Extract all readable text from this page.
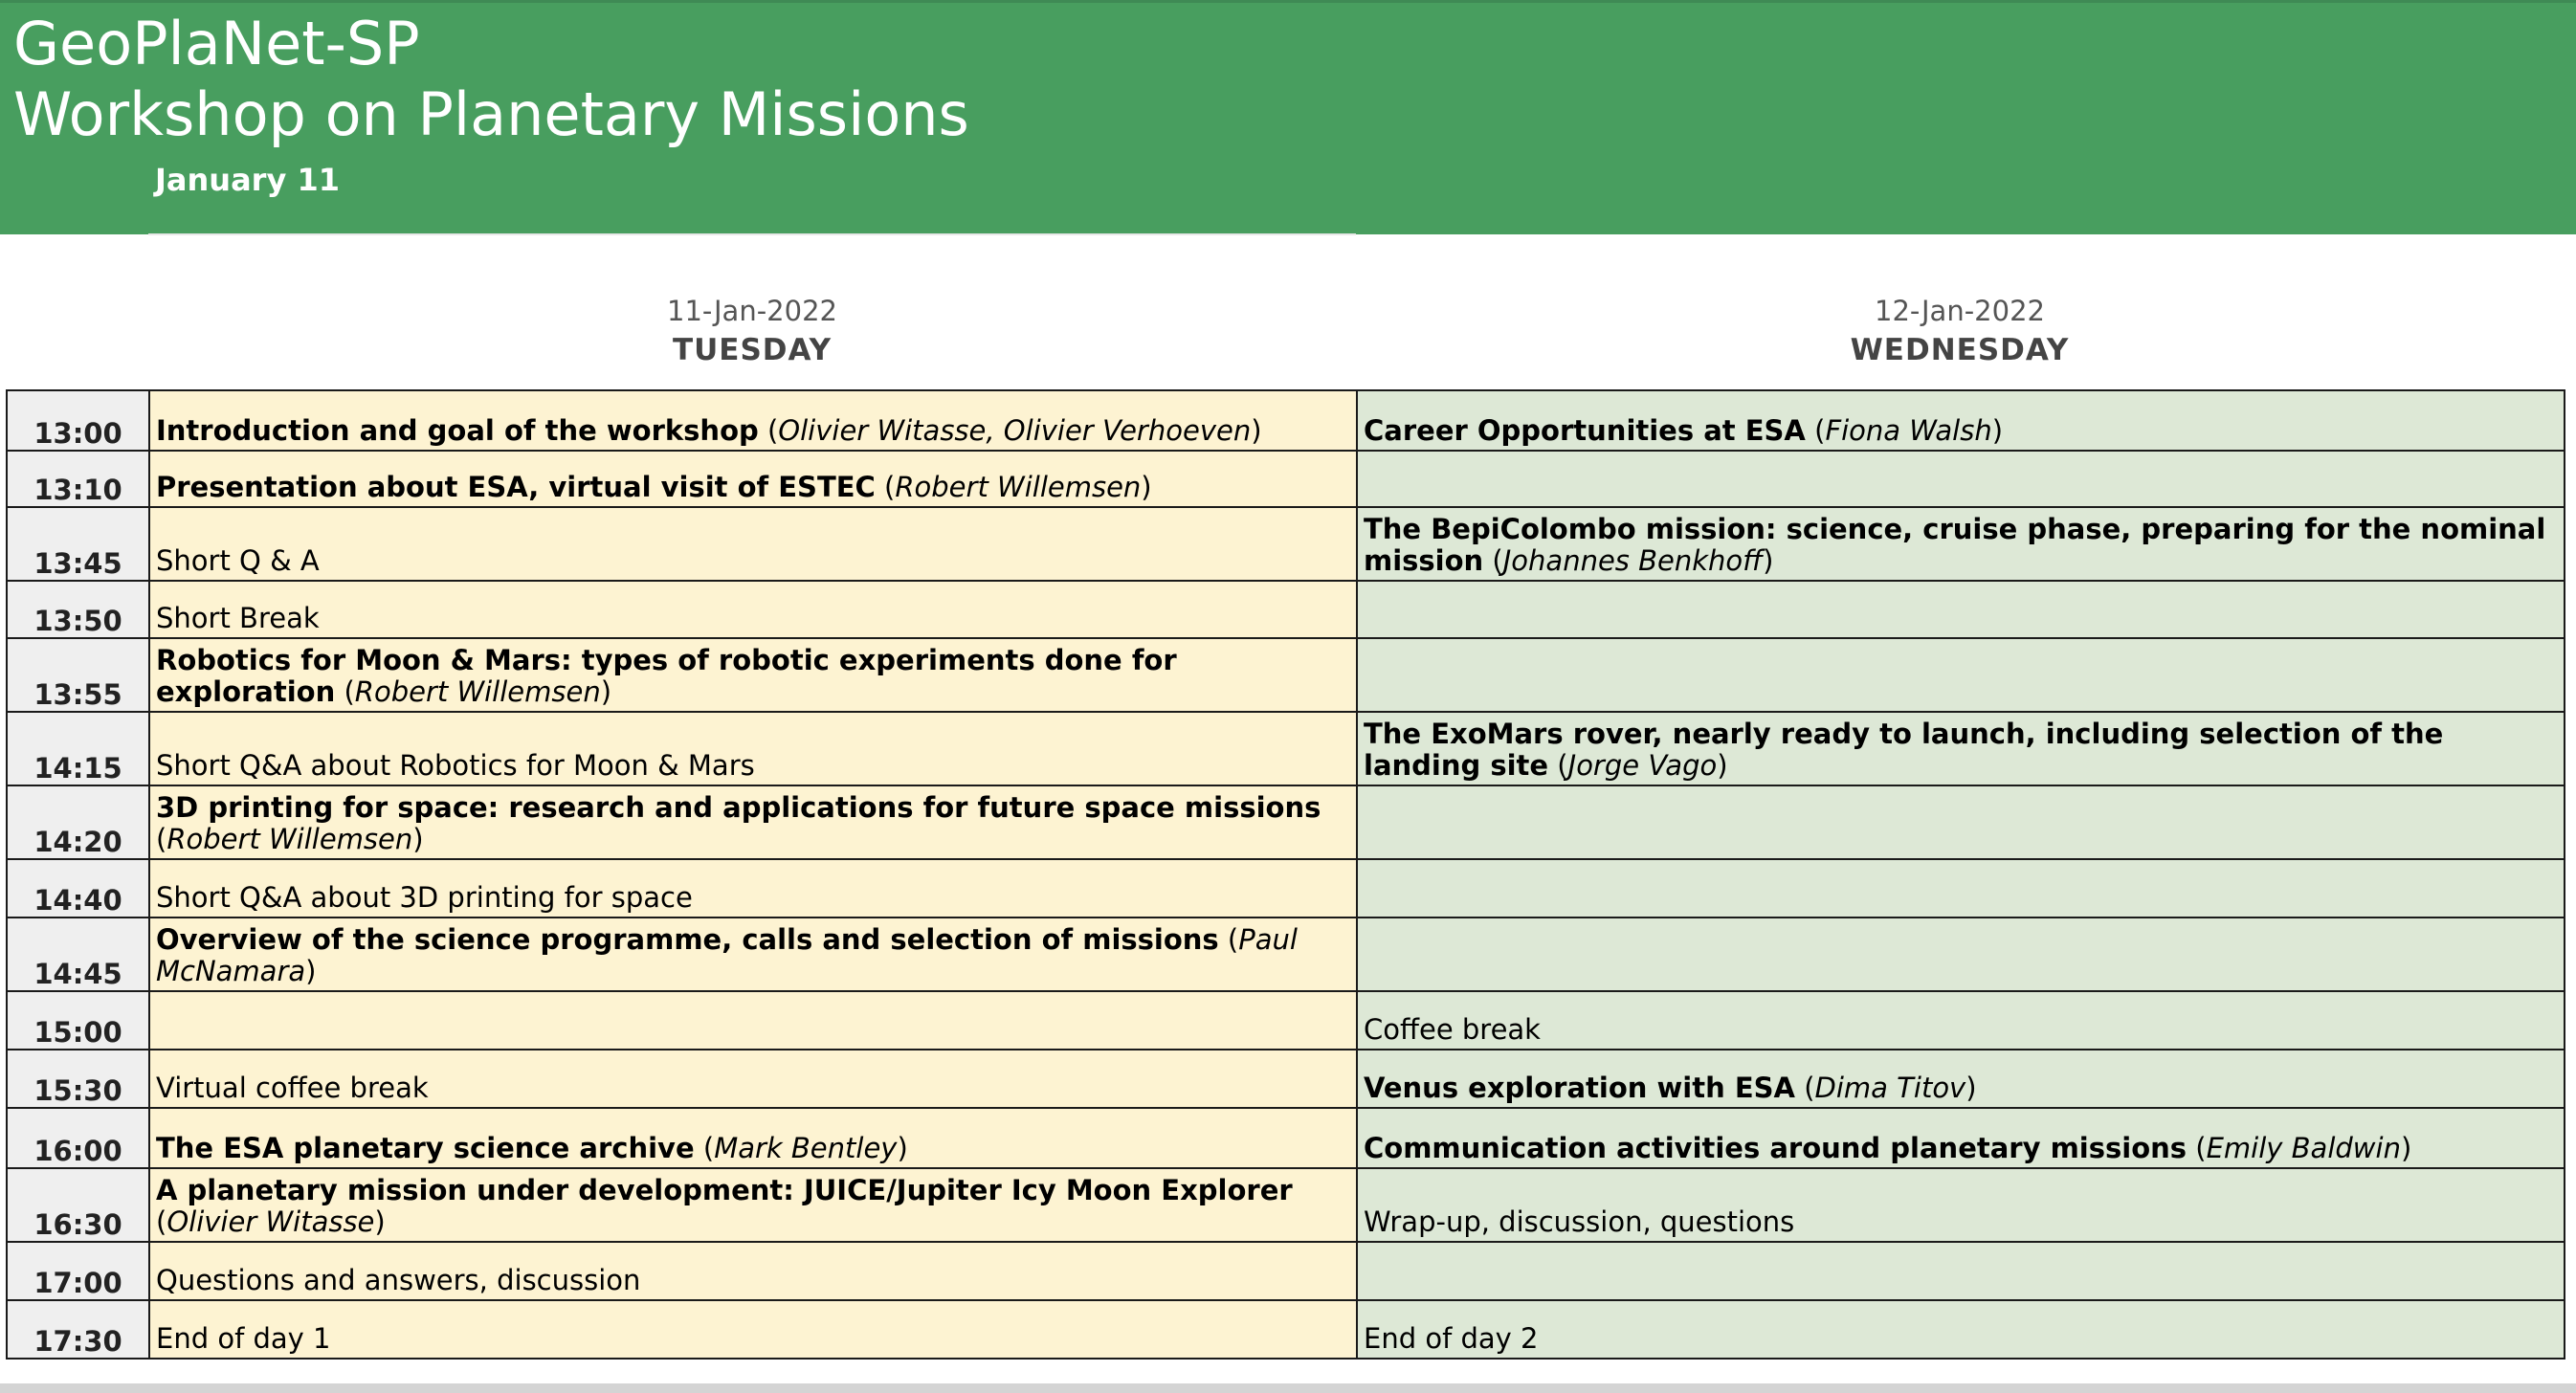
GeoPlaNet-SP
Workshop on Planetary Missions
January 11
11-Jan-2022
TUESDAY
12-Jan-2022
WEDNESDAY
13:00	Introduction and goal of the workshop (Olivier Witasse, Olivier Verhoeven)	Career Opportunities at ESA (Fiona Walsh)

13:10	Presentation about ESA, virtual visit of ESTEC (Robert Willemsen)	

13:45	Short Q & A	The BepiColombo mission: science, cruise phase, preparing for the nominal mission (Johannes Benkhoff)

13:50	Short Break	

13:55	Robotics for Moon & Mars: types of robotic experiments done for exploration (Robert Willemsen)	

14:15	Short Q&A about Robotics for Moon & Mars	The ExoMars rover, nearly ready to launch, including selection of the landing site (Jorge Vago)

14:20	3D printing for space: research and applications for future space missions (Robert Willemsen)	

14:40	Short Q&A about 3D printing for space	

14:45	Overview of the science programme, calls and selection of missions (Paul McNamara)	

15:00		Coffee break

15:30	Virtual coffee break	Venus exploration with ESA (Dima Titov)

16:00	The ESA planetary science archive (Mark Bentley)	Communication activities around planetary missions (Emily Baldwin)

16:30	A planetary mission under development: JUICE/Jupiter Icy Moon Explorer (Olivier Witasse)	Wrap-up, discussion, questions

17:00	Questions and answers, discussion	

17:30	End of day 1	End of day 2
